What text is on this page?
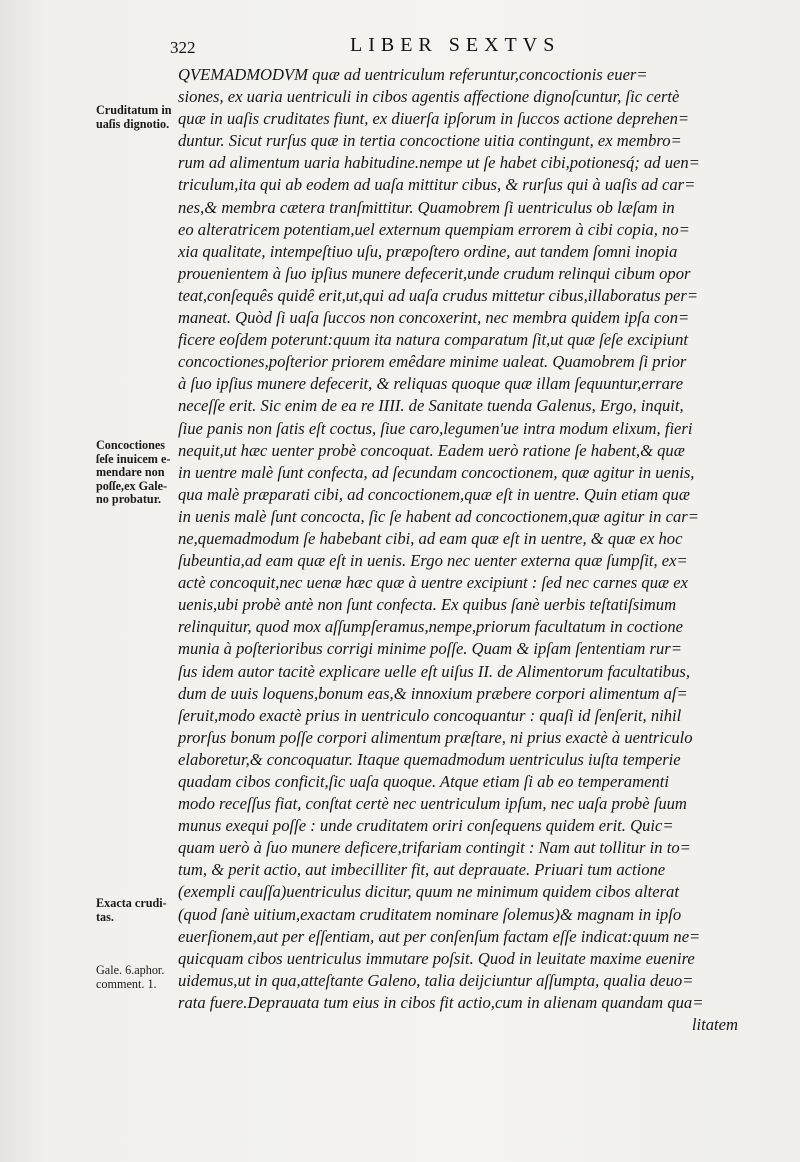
322	LIBER SEXTVS
QVEMADMODVM quæ ad uentriculum referuntur,concoctionis euer=
siones, ex uaria uentriculi in cibos agentis affectione dignoſcuntur, ſic certè
quæ in uaſis cruditates fiunt, ex diuerſa ipſorum in ſuccos actione deprehen=
duntur. Sicut rurſus quæ in tertia concoctione uitia contingunt, ex membro=
rum ad alimentum uaria habitudine.nempe ut ſe habet cibi,potionesq́; ad uen=
triculum,ita qui ab eodem ad uaſa mittitur cibus, & rurſus qui à uaſis ad car=
nes,& membra cætera tranſmittitur. Quamobrem ſi uentriculus ob læſam in
eo alteratricem potentiam,uel externum quempiam errorem à cibi copia, no=
xia qualitate, intempeſtiuo uſu, præpoſtero ordine, aut tandem ſomni inopia
prouenientem à ſuo ipſius munere defecerit,unde crudum relinqui cibum opor
teat,conſequês quidê erit,ut,qui ad uaſa crudus mittetur cibus,illaboratus per=
maneat. Quòd ſi uaſa ſuccos non concoxerint, nec membra quidem ipſa con=
ficere eoſdem poterunt:quum ita natura comparatum ſit,ut quæ ſeſe excipiunt
concoctiones,poſterior priorem emêdare minime ualeat. Quamobrem ſi prior
à ſuo ipſius munere defecerit, & reliquas quoque quæ illam ſequuntur,errare
neceſſe erit. Sic enim de ea re IIII. de Sanitate tuenda Galenus, Ergo, inquit,
ſiue panis non ſatis eſt coctus, ſiue caro,legumen'ue intra modum elixum, fieri
nequit,ut hæc uenter probè concoquat. Eadem uerò ratione ſe habent,& quæ
in uentre malè ſunt confecta, ad ſecundam concoctionem, quæ agitur in uenis,
qua malè præparati cibi, ad concoctionem,quæ eſt in uentre. Quin etiam quæ
in uenis malè ſunt concocta, ſic ſe habent ad concoctionem,quæ agitur in car=
ne,quemadmodum ſe habebant cibi, ad eam quæ eſt in uentre, & quæ ex hoc
ſubeuntia,ad eam quæ eſt in uenis. Ergo nec uenter externa quæ ſumpſit, ex=
actè concoquit,nec uenæ hæc quæ à uentre excipiunt : ſed nec carnes quæ ex
uenis,ubi probè antè non ſunt confecta. Ex quibus ſanè uerbis teſtatiſsimum
relinquitur, quod mox aſſumpſeramus,nempe,priorum facultatum in coctione
munia à poſterioribus corrigi minime poſſe. Quam & ipſam ſententiam rur=
ſus idem autor tacitè explicare uelle eſt uiſus II. de Alimentorum facultatibus,
dum de uuis loquens,bonum eas,& innoxium præbere corpori alimentum aſ=
ſeruit,modo exactè prius in uentriculo concoquantur : quaſi id ſenſerit, nihil
prorſus bonum poſſe corpori alimentum præſtare, ni prius exactè à uentriculo
elaboretur,& concoquatur. Itaque quemadmodum uentriculus iuſta temperie
quadam cibos conficit,ſic uaſa quoque. Atque etiam ſi ab eo temperamenti
modo receſſus fiat, conſtat certè nec uentriculum ipſum, nec uaſa probè ſuum
munus exequi poſſe : unde cruditatem oriri conſequens quidem erit. Quic=
quam uerò à ſuo munere deficere,trifariam contingit : Nam aut tollitur in to=
tum, & perit actio, aut imbecilliter fit, aut deprauate. Priuari tum actione
(exempli cauſſa)uentriculus dicitur, quum ne minimum quidem cibos alterat
(quod ſanè uitium,exactam cruditatem nominare ſolemus)& magnam in ipſo
euerſionem,aut per eſſentiam, aut per conſenſum factam eſſe indicat:quum ne=
quicquam cibos uentriculus immutare poſsit. Quod in leuitate maxime euenire
uidemus,ut in qua,atteſtante Galeno, talia deijciuntur aſſumpta, qualia deuo=
rata fuere.Deprauata tum eius in cibos fit actio,cum in alienam quandam qua=
litatem
Cruditatum in
uaſis dignotio.
Concoctiones
ſeſe inuicem e-
mendare non
poſſe,ex Gale-
no probatur.
Exacta crudi-
tas.
Gale. 6.aphor.
comment. 1.
